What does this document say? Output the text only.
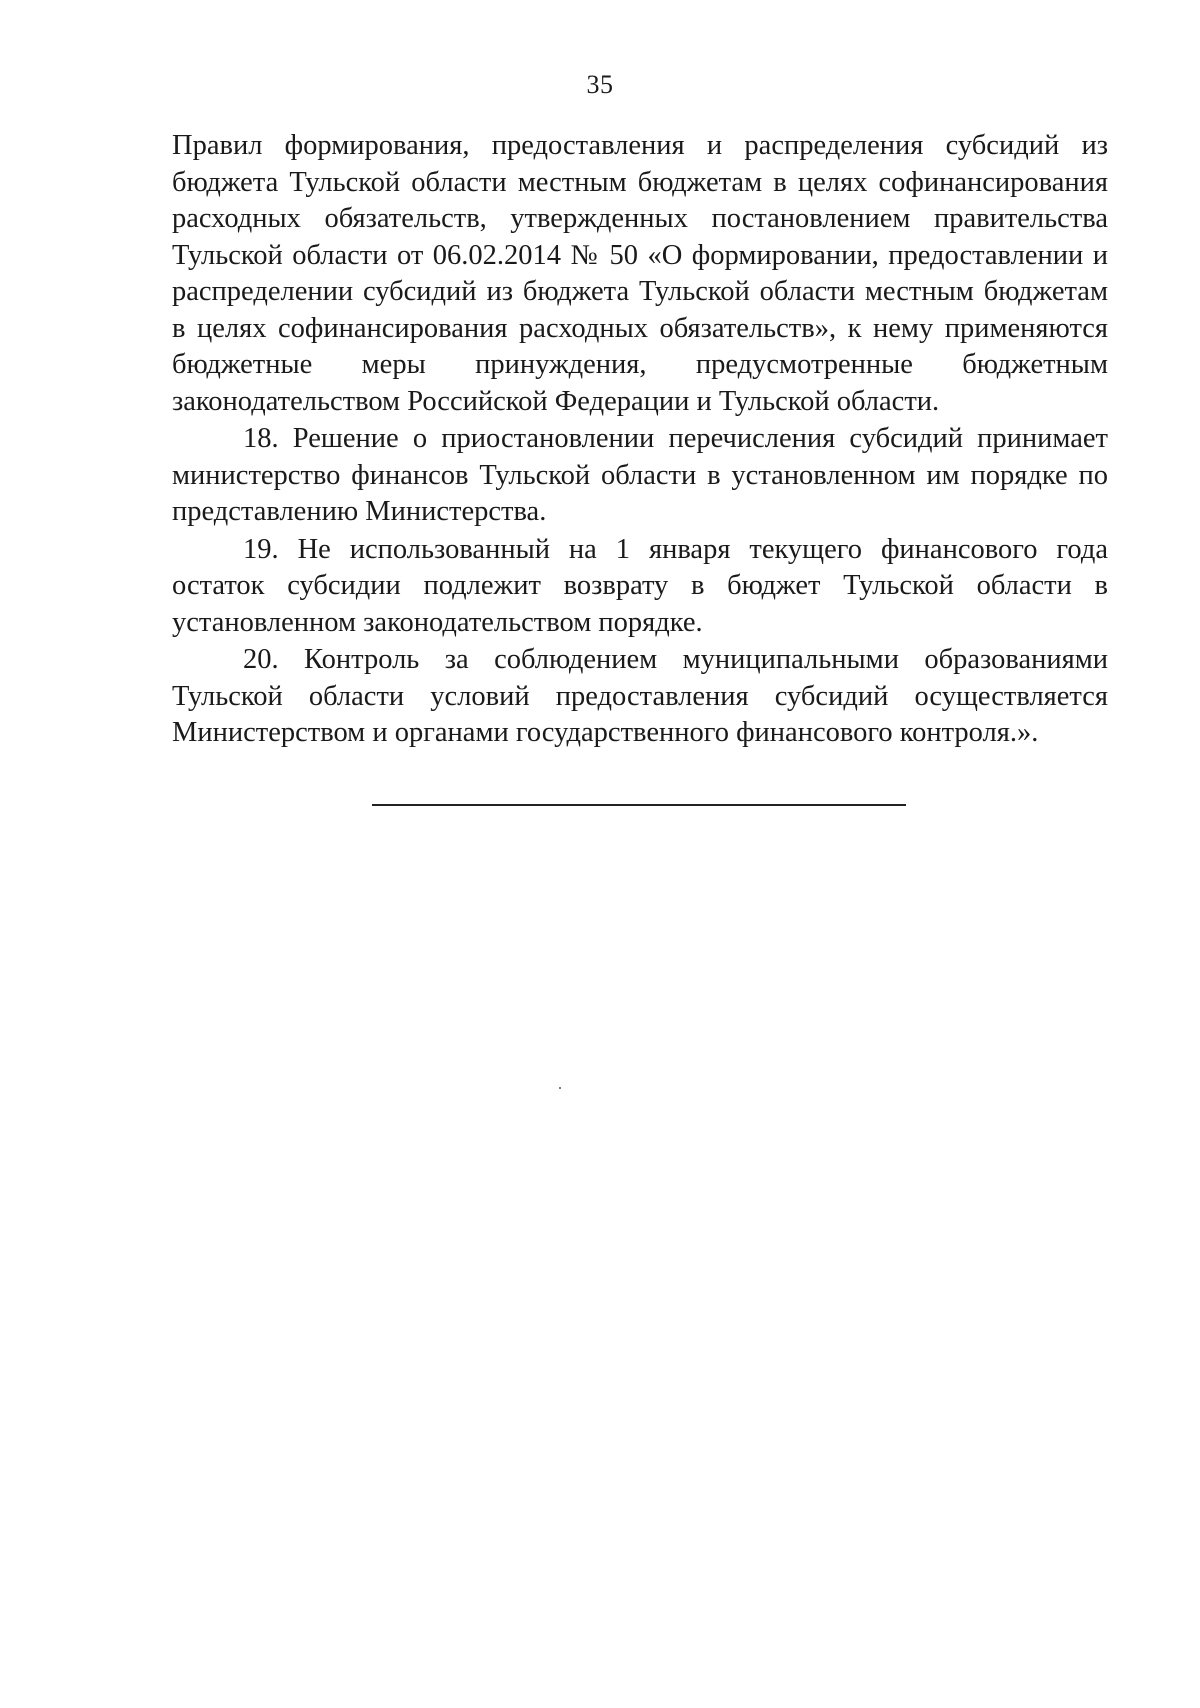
35

Правил формирования, предоставления и распределения субсидий из бюджета Тульской области местным бюджетам в целях софинансирования расходных обязательств, утвержденных постановлением правительства Тульской области от 06.02.2014 № 50 «О формировании, предоставлении и распределении субсидий из бюджета Тульской области местным бюджетам в целях софинансирования расходных обязательств», к нему применяются бюджетные меры принуждения, предусмотренные бюджетным законодательством Российской Федерации и Тульской области.

18. Решение о приостановлении перечисления субсидий принимает министерство финансов Тульской области в установленном им порядке по представлению Министерства.

19. Не использованный на 1 января текущего финансового года остаток субсидии подлежит возврату в бюджет Тульской области в установленном законодательством порядке.

20. Контроль за соблюдением муниципальными образованиями Тульской области условий предоставления субсидий осуществляется Министерством и органами государственного финансового контроля.».
